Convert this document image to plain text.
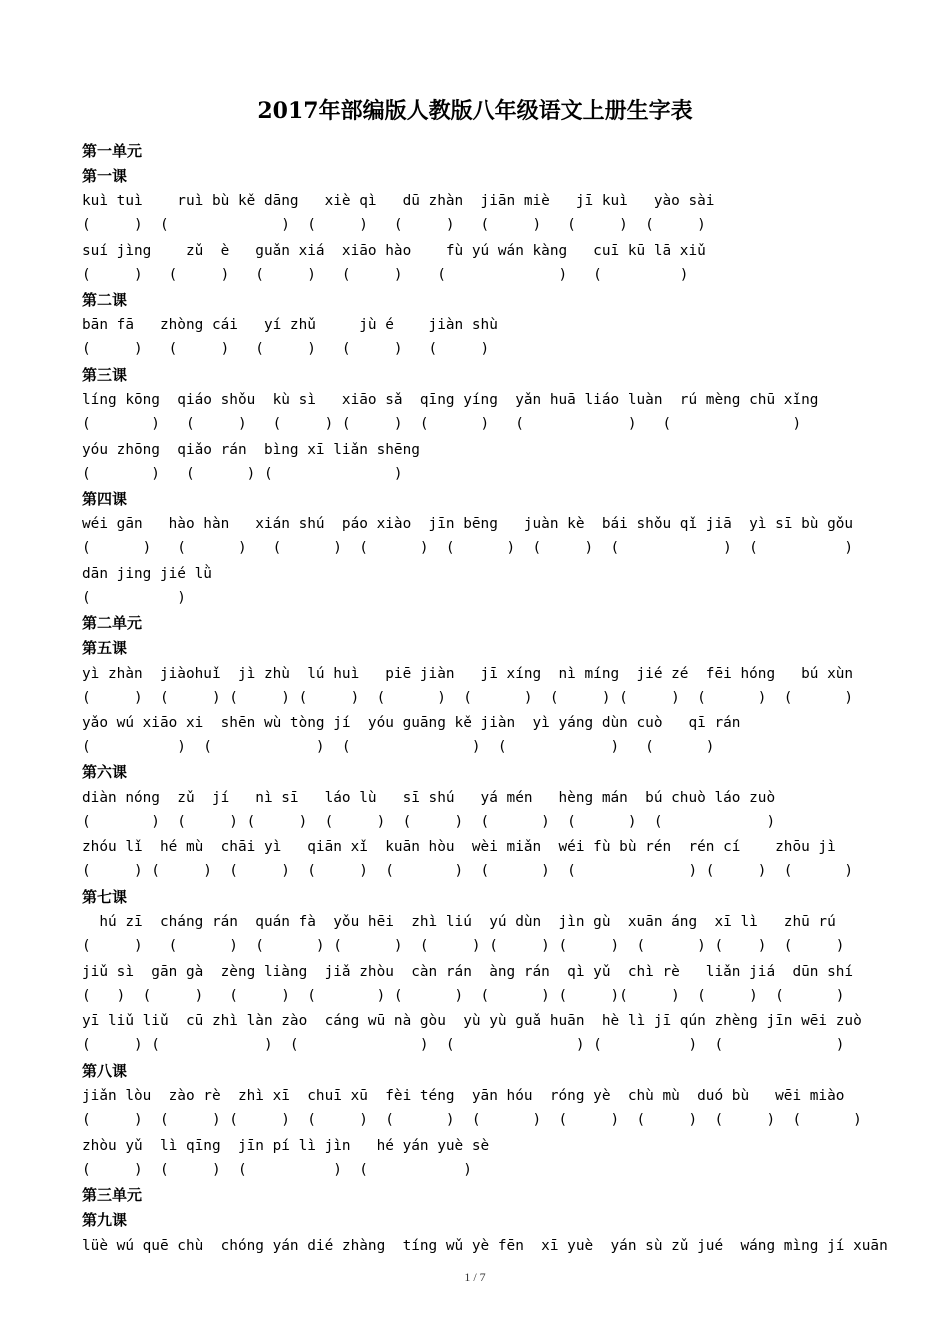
2017年部编版人教版八年级语文上册生字表
第一单元
第一课
kuì tuì    ruì bù kě dāng   xiè qì   dū zhàn  jiān miè   jī kuì   yào sài
(     )  (             )  (     )   (     )   (     )   (     )  (     )
suí jìng    zǔ  è   guǎn xiá  xiāo hào    fù yú wán kàng   cuī kū lā xiǔ
(     )   (     )   (     )   (     )    (             )   (         )
第二课
bān fā   zhòng cái   yí zhǔ     jù é    jiàn shù
(     )   (     )   (     )   (     )   (     )
第三课
líng kōng  qiáo shǒu  kù sì   xiāo sǎ  qīng yíng  yǎn huā liáo luàn  rú mèng chū xǐng
(       )   (     )   (     ) (     )  (      )   (            )   (              )
yóu zhōng  qiǎo rán  bìng xī liǎn shēng
(       )   (      ) (              )
第四课
wéi gān   hào hàn   xián shú  páo xiào  jīn bēng   juàn kè  bái shǒu qǐ jiā  yì sī bù gǒu
(      )   (      )   (      )  (      )  (      )  (     )  (            )  (          )
dān jing jié lǜ
(          )
第二单元
第五课
yì zhàn  jiàohuǐ  jì zhù  lú huì   piē jiàn   jī xíng  nì míng  jié zé  fēi hóng   bú xùn
(     )  (     ) (     ) (     )  (      )  (      )  (     ) (     )  (      )  (      )
yǎo wú xiāo xi  shēn wù tòng jí  yóu guāng kě jiàn  yì yáng dùn cuò   qī rán
(          )  (            )  (              )  (            )   (      )
第六课
diàn nóng  zǔ  jí   nì sī   láo lù   sī shú   yá mén   hèng mán  bú chuò láo zuò
(       )  (     ) (     )  (     )  (     )  (      )  (      )  (            )
zhóu lǐ  hé mù  chāi yì   qiān xǐ  kuān hòu  wèi miǎn  wéi fù bù rén  rén cí    zhōu jì
(     ) (     )  (     )  (     )  (       )  (      )  (             ) (     )  (      )
第七课
hú zī  cháng rán  quán fà  yǒu hēi  zhì liú  yú dùn  jìn gù  xuān áng  xī lì   zhū rú
(     )   (      )  (      ) (      )  (     ) (     ) (     )  (      ) (    )  (     )
jiǔ sì  gān gà  zèng liàng  jiǎ zhòu  càn rán  àng rán  qì yǔ  chì rè   liǎn jiá  dūn shí
(   )  (     )   (     )  (       ) (      )  (      ) (     )(     )  (     )  (      )
yī liǔ liǔ  cū zhì làn zào  cáng wū nà gòu  yù yù guǎ huān  hè lì jī qún zhèng jīn wēi zuò
(     ) (            )  (              )  (              ) (          )  (             )
第八课
jiǎn lòu  zào rè  zhì xī  chuī xū  fèi téng  yān hóu  róng yè  chù mù  duó bù   wēi miào
(     )  (     ) (     )  (     )  (      )  (      )  (     )  (     )  (     )  (      )
zhòu yǔ  lì qīng  jīn pí lì jìn   hé yán yuè sè
(     )  (     )  (          )  (           )
第三单元
第九课
lüè wú quē chù  chóng yán dié zhàng  tíng wǔ yè fēn  xī yuè  yán sù zǔ jué  wáng mìng jí xuān
1 / 7
